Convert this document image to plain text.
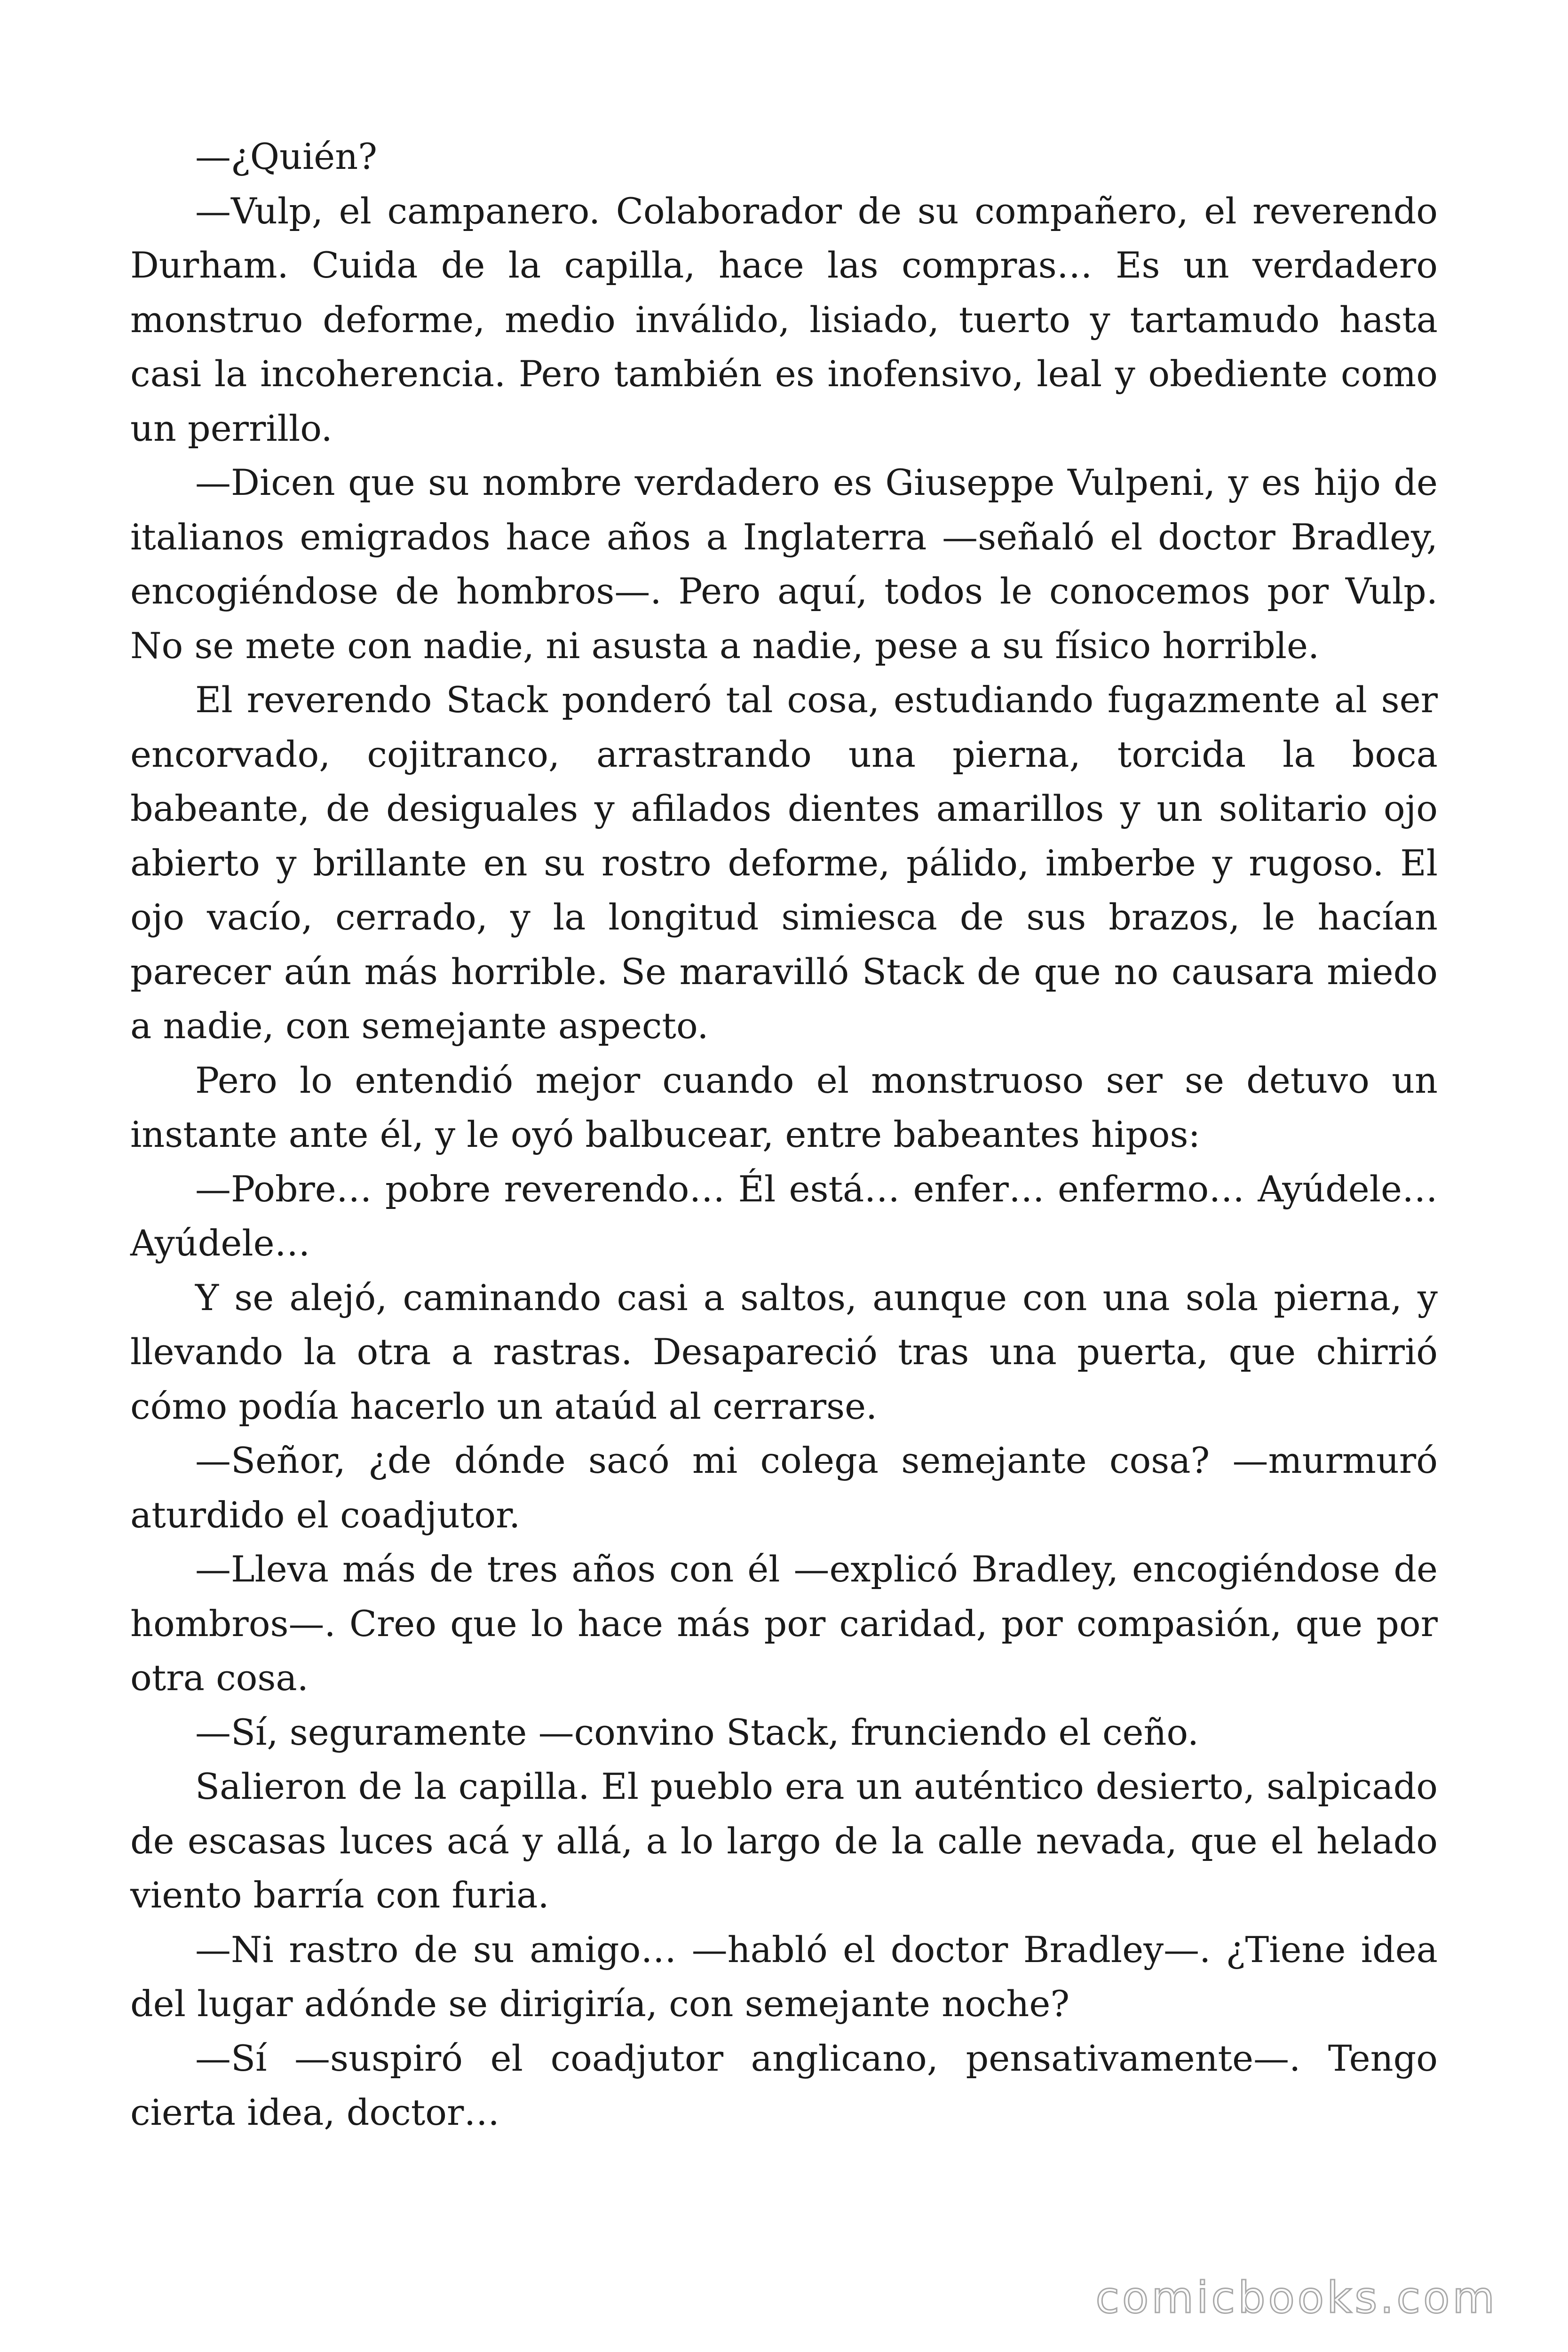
—¿Quién?

—Vulp, el campanero. Colaborador de su compañero, el reverendo Durham. Cuida de la capilla, hace las compras… Es un verdadero monstruo deforme, medio inválido, lisiado, tuerto y tartamudo hasta casi la incoherencia. Pero también es inofensivo, leal y obediente como un perrillo.

—Dicen que su nombre verdadero es Giuseppe Vulpeni, y es hijo de italianos emigrados hace años a Inglaterra —señaló el doctor Bradley, encogiéndose de hombros—. Pero aquí, todos le conocemos por Vulp. No se mete con nadie, ni asusta a nadie, pese a su físico horrible.

El reverendo Stack ponderó tal cosa, estudiando fugazmente al ser encorvado, cojitranco, arrastrando una pierna, torcida la boca babeante, de desiguales y afilados dientes amarillos y un solitario ojo abierto y brillante en su rostro deforme, pálido, imberbe y rugoso. El ojo vacío, cerrado, y la longitud simiesca de sus brazos, le hacían parecer aún más horrible. Se maravilló Stack de que no causara miedo a nadie, con semejante aspecto.

Pero lo entendió mejor cuando el monstruoso ser se detuvo un instante ante él, y le oyó balbucear, entre babeantes hipos:

—Pobre… pobre reverendo… Él está… enfer… enfermo… Ayúdele… Ayúdele…

Y se alejó, caminando casi a saltos, aunque con una sola pierna, y llevando la otra a rastras. Desapareció tras una puerta, que chirrió cómo podía hacerlo un ataúd al cerrarse.

—Señor, ¿de dónde sacó mi colega semejante cosa? —murmuró aturdido el coadjutor.

—Lleva más de tres años con él —explicó Bradley, encogiéndose de hombros—. Creo que lo hace más por caridad, por compasión, que por otra cosa.

—Sí, seguramente —convino Stack, frunciendo el ceño.

Salieron de la capilla. El pueblo era un auténtico desierto, salpicado de escasas luces acá y allá, a lo largo de la calle nevada, que el helado viento barría con furia.

—Ni rastro de su amigo… —habló el doctor Bradley—. ¿Tiene idea del lugar adónde se dirigiría, con semejante noche?

—Sí —suspiró el coadjutor anglicano, pensativamente—. Tengo cierta idea, doctor…

comicbooks.com
